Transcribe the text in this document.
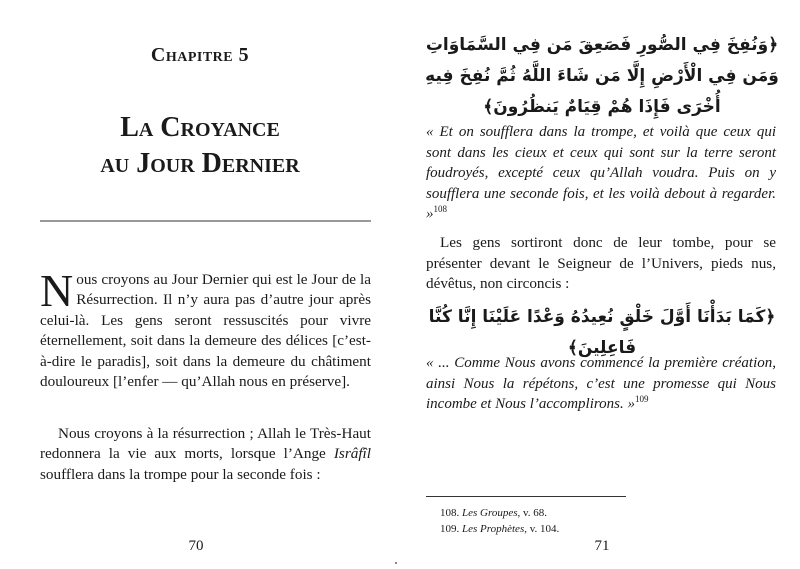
Chapitre 5
La Croyance
au Jour Dernier
Nous croyons au Jour Dernier qui est le Jour de la Résurrection. Il n’y aura pas d’autre jour après celui-là. Les gens seront ressuscités pour vivre éternellement, soit dans la demeure des délices [c’est-à-dire le paradis], soit dans la demeure du châtiment douloureux [l’enfer — qu’Allah nous en préserve].
Nous croyons à la résurrection ; Allah le Très-Haut redonnera la vie aux morts, lorsque l’Ange Isrâfîl soufflera dans la trompe pour la seconde fois :
70
﴿وَنُفِخَ فِي الصُّورِ فَصَعِقَ مَن فِي السَّمَاوَاتِ وَمَن فِي الْأَرْضِ إِلَّا مَن شَاءَ اللَّهُ ثُمَّ نُفِخَ فِيهِ أُخْرَى فَإِذَا هُمْ قِيَامٌ يَنظُرُونَ﴾
« Et on soufflera dans la trompe, et voilà que ceux qui sont dans les cieux et ceux qui sont sur la terre seront foudroyés, excepté ceux qu’Allah voudra. Puis on y soufflera une seconde fois, et les voilà debout à regarder. »$^{108}$
Les gens sortiront donc de leur tombe, pour se présenter devant le Seigneur de l’Univers, pieds nus, dévêtus, non circoncis :
﴿كَمَا بَدَأْنَا أَوَّلَ خَلْقٍ نُعِيدُهُ وَعْدًا عَلَيْنَا إِنَّا كُنَّا فَاعِلِينَ﴾
« ... Comme Nous avons commencé la première création, ainsi Nous la répétons, c’est une promesse qui Nous incombe et Nous l’accomplirons. »$^{109}$
108. Les Groupes, v. 68.
109. Les Prophètes, v. 104.
71
